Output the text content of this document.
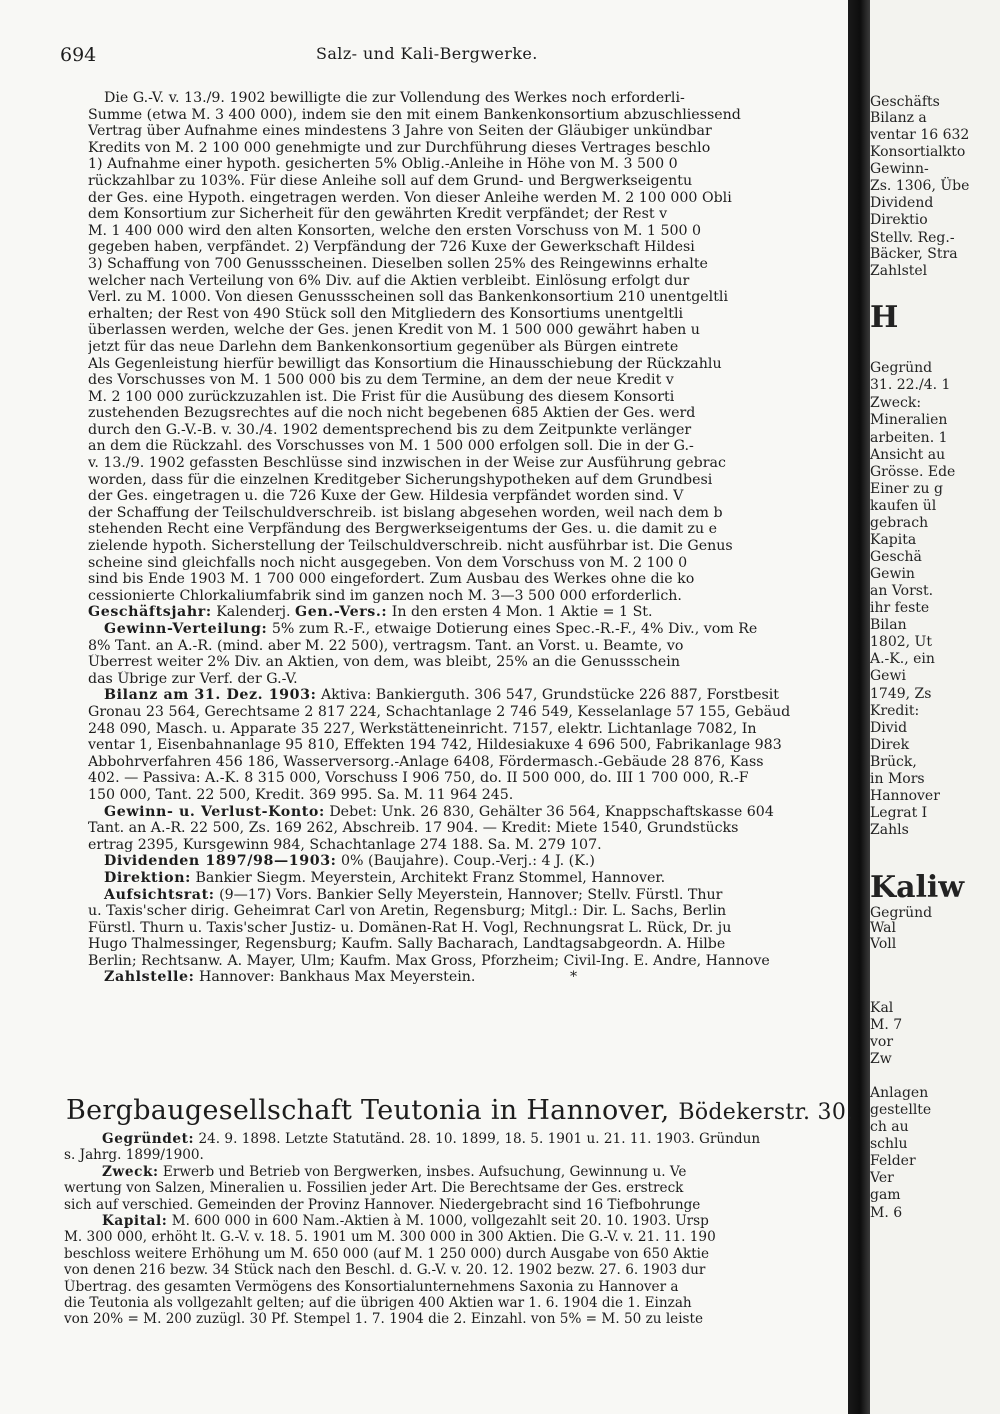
694	Salz- und Kali-Bergwerke.

Die G.-V. v. 13./9. 1902 bewilligte die zur Vollendung des Werkes noch erforderli-

Summe (etwa M. 3 400 000), indem sie den mit einem Bankenkonsortium abzuschliessend

Vertrag über Aufnahme eines mindestens 3 Jahre von Seiten der Gläubiger unkündbar

Kredits von M. 2 100 000 genehmigte und zur Durchführung dieses Vertrages beschlo

1) Aufnahme einer hypoth. gesicherten 5% Oblig.-Anleihe in Höhe von M. 3 500 0

rückzahlbar zu 103%. Für diese Anleihe soll auf dem Grund- und Bergwerkseigentu

der Ges. eine Hypoth. eingetragen werden. Von dieser Anleihe werden M. 2 100 000 Obli

dem Konsortium zur Sicherheit für den gewährten Kredit verpfändet; der Rest v

M. 1 400 000 wird den alten Konsorten, welche den ersten Vorschuss von M. 1 500 0

gegeben haben, verpfändet. 2) Verpfändung der 726 Kuxe der Gewerkschaft Hildesi

3) Schaffung von 700 Genussscheinen. Dieselben sollen 25% des Reingewinns erhalte

welcher nach Verteilung von 6% Div. auf die Aktien verbleibt. Einlösung erfolgt dur

Verl. zu M. 1000. Von diesen Genussscheinen soll das Bankenkonsortium 210 unentgeltli

erhalten; der Rest von 490 Stück soll den Mitgliedern des Konsortiums unentgeltli

überlassen werden, welche der Ges. jenen Kredit von M. 1 500 000 gewährt haben u

jetzt für das neue Darlehn dem Bankenkonsortium gegenüber als Bürgen eintrete

Als Gegenleistung hierfür bewilligt das Konsortium die Hinausschiebung der Rückzahlu

des Vorschusses von M. 1 500 000 bis zu dem Termine, an dem der neue Kredit v

M. 2 100 000 zurückzuzahlen ist. Die Frist für die Ausübung des diesem Konsorti

zustehenden Bezugsrechtes auf die noch nicht begebenen 685 Aktien der Ges. werd

durch den G.-V.-B. v. 30./4. 1902 dementsprechend bis zu dem Zeitpunkte verlänger

an dem die Rückzahl. des Vorschusses von M. 1 500 000 erfolgen soll. Die in der G.-

v. 13./9. 1902 gefassten Beschlüsse sind inzwischen in der Weise zur Ausführung gebrac

worden, dass für die einzelnen Kreditgeber Sicherungshypotheken auf dem Grundbesi

der Ges. eingetragen u. die 726 Kuxe der Gew. Hildesia verpfändet worden sind. V

der Schaffung der Teilschuldverschreib. ist bislang abgesehen worden, weil nach dem b

stehenden Recht eine Verpfändung des Bergwerkseigentums der Ges. u. die damit zu e

zielende hypoth. Sicherstellung der Teilschuldverschreib. nicht ausführbar ist. Die Genus

scheine sind gleichfalls noch nicht ausgegeben. Von dem Vorschuss von M. 2 100 0

sind bis Ende 1903 M. 1 700 000 eingefordert. Zum Ausbau des Werkes ohne die ko

cessionierte Chlorkaliumfabrik sind im ganzen noch M. 3—3 500 000 erforderlich.

Geschäftsjahr: Kalenderj. Gen.-Vers.: In den ersten 4 Mon. 1 Aktie = 1 St.

Gewinn-Verteilung: 5% zum R.-F., etwaige Dotierung eines Spec.-R.-F., 4% Div., vom Re

8% Tant. an A.-R. (mind. aber M. 22 500), vertragsm. Tant. an Vorst. u. Beamte, vo

Überrest weiter 2% Div. an Aktien, von dem, was bleibt, 25% an die Genussschein

das Übrige zur Verf. der G.-V.

Bilanz am 31. Dez. 1903: Aktiva: Bankierguth. 306 547, Grundstücke 226 887, Forstbesit

Gronau 23 564, Gerechtsame 2 817 224, Schachtanlage 2 746 549, Kesselanlage 57 155, Gebäud

248 090, Masch. u. Apparate 35 227, Werkstätteneinricht. 7157, elektr. Lichtanlage 7082, In

ventar 1, Eisenbahnanlage 95 810, Effekten 194 742, Hildesiakuxe 4 696 500, Fabrikanlage 983

Abbohrverfahren 456 186, Wasserversorg.-Anlage 6408, Fördermasch.-Gebäude 28 876, Kass

402. — Passiva: A.-K. 8 315 000, Vorschuss I 906 750, do. II 500 000, do. III 1 700 000, R.-F

150 000, Tant. 22 500, Kredit. 369 995. Sa. M. 11 964 245.

Gewinn- u. Verlust-Konto: Debet: Unk. 26 830, Gehälter 36 564, Knappschaftskasse 604

Tant. an A.-R. 22 500, Zs. 169 262, Abschreib. 17 904. — Kredit: Miete 1540, Grundstücks

ertrag 2395, Kursgewinn 984, Schachtanlage 274 188. Sa. M. 279 107.

Dividenden 1897/98—1903: 0% (Baujahre). Coup.-Verj.: 4 J. (K.)

Direktion: Bankier Siegm. Meyerstein, Architekt Franz Stommel, Hannover.

Aufsichtsrat: (9—17) Vors. Bankier Selly Meyerstein, Hannover; Stellv. Fürstl. Thur

u. Taxis'scher dirig. Geheimrat Carl von Aretin, Regensburg; Mitgl.: Dir. L. Sachs, Berlin

Fürstl. Thurn u. Taxis'scher Justiz- u. Domänen-Rat H. Vogl, Rechnungsrat L. Rück, Dr. ju

Hugo Thalmessinger, Regensburg; Kaufm. Sally Bacharach, Landtagsabgeordn. A. Hilbe

Berlin; Rechtsanw. A. Mayer, Ulm; Kaufm. Max Gross, Pforzheim; Civil-Ing. E. Andre, Hannove

Zahlstelle: Hannover: Bankhaus Max Meyerstein.	*

Bergbaugesellschaft Teutonia in Hannover, Bödekerstr. 30.

Gegründet: 24. 9. 1898. Letzte Statutänd. 28. 10. 1899, 18. 5. 1901 u. 21. 11. 1903. Gründun

s. Jahrg. 1899/1900.

Zweck: Erwerb und Betrieb von Bergwerken, insbes. Aufsuchung, Gewinnung u. Ve

wertung von Salzen, Mineralien u. Fossilien jeder Art. Die Berechtsame der Ges. erstreck

sich auf verschied. Gemeinden der Provinz Hannover. Niedergebracht sind 16 Tiefbohrunge

Kapital: M. 600 000 in 600 Nam.-Aktien à M. 1000, vollgezahlt seit 20. 10. 1903. Ursp

M. 300 000, erhöht lt. G.-V. v. 18. 5. 1901 um M. 300 000 in 300 Aktien. Die G.-V. v. 21. 11. 190

beschloss weitere Erhöhung um M. 650 000 (auf M. 1 250 000) durch Ausgabe von 650 Aktie

von denen 216 bezw. 34 Stück nach den Beschl. d. G.-V. v. 20. 12. 1902 bezw. 27. 6. 1903 dur

Übertrag. des gesamten Vermögens des Konsortialunternehmens Saxonia zu Hannover a

die Teutonia als vollgezahlt gelten; auf die übrigen 400 Aktien war 1. 6. 1904 die 1. Einzah

von 20% = M. 200 zuzügl. 30 Pf. Stempel 1. 7. 1904 die 2. Einzahl. von 5% = M. 50 zu leiste

Geschäfts
Bilanz a
ventar 16 632
Konsortialkto
Gewinn-
Zs. 1306, Übe
Dividend
Direktio
Stellv. Reg.-
Bäcker, Stra
Zahlstel
H
Gegründ
31. 22./4. 1
Zweck:
Mineralien
arbeiten. 1
Ansicht au
Grösse. Ede
Einer zu g
kaufen ül
gebrach
Kapita
Geschä
Gewin
an Vorst.
ihr feste
Bilan
1802, Ut
A.-K., ein
Gewi
1749, Zs
Kredit:
Divid
Direk
Brück,
in Mors
Hannover
Legrat I
Zahls
Kaliw
Gegründ
Wal
Voll
Kal
M. 7
vor
Zw
Anlagen
gestellte
ch au
schlu
Felder
Ver
gam
M. 6
